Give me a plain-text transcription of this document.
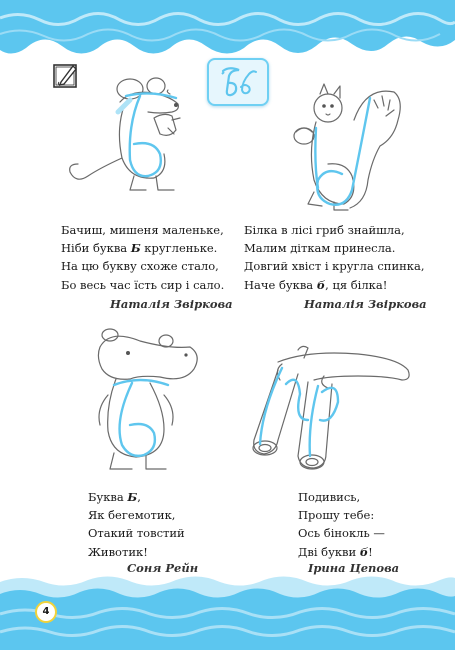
Бачиш, мишеня маленьке,
Ніби буква Б кругленьке.
На цю букву схоже стало,
Бо весь час їсть сир і сало.
Наталія Звіркова
Білка в лісі гриб знайшла,
Малим діткам принесла.
Довгий хвіст і кругла спинка,
Наче буква б, ця білка!
Наталія Звіркова
Буква Б,
Як бегемотик,
Отакий товстий
Животик!
Соня Рейн
Подивись,
Прошу тебе:
Ось бінокль —
Дві букви б!
Ірина Цепова
4
